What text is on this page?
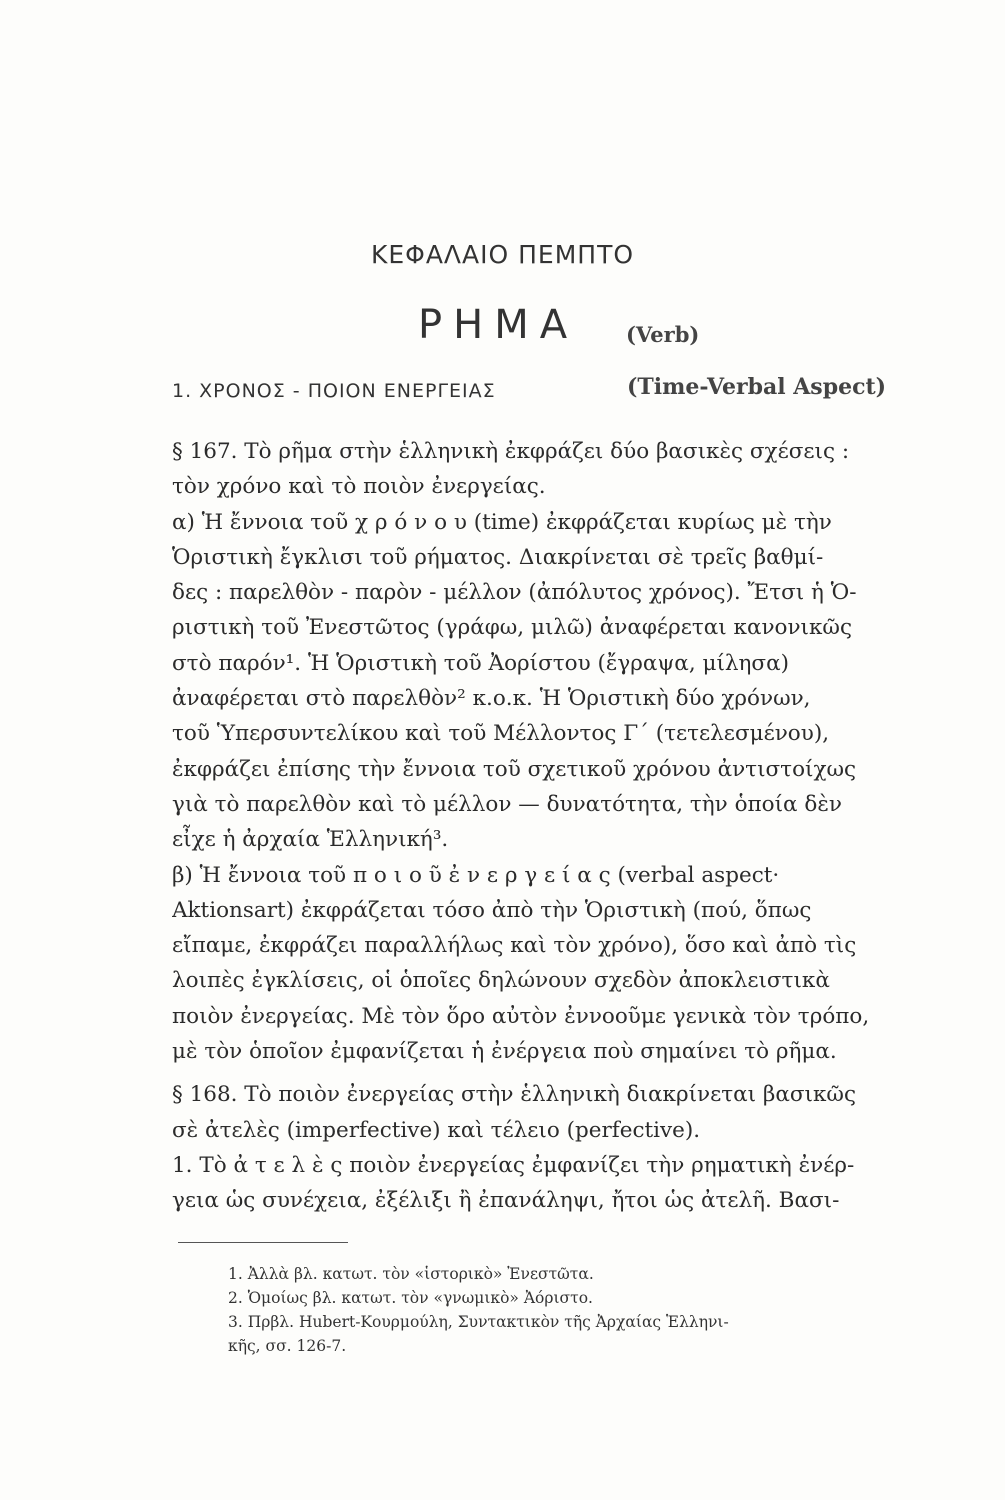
ΚΕΦΑΛΑΙΟ ΠΕΜΠΤΟ
ΡΗΜΑ (Verb)
1. ΧΡΟΝΟΣ - ΠΟΙΟΝ ΕΝΕΡΓΕΙΑΣ	(Time-Verbal Aspect)
§ 167. Τὸ ρῆμα στὴν ἑλληνικὴ ἐκφράζει δύο βασικὲς σχέσεις :
τὸν χρόνο καὶ τὸ ποιὸν ἐνεργείας.
α) Ἡ ἔννοια τοῦ χ ρ ό ν ο υ (time) ἐκφράζεται κυρίως μὲ τὴν
Ὁριστικὴ ἔγκλισι τοῦ ρήματος. Διακρίνεται σὲ τρεῖς βαθμί-
δες : παρελθὸν - παρὸν - μέλλον (ἀπόλυτος χρόνος). Ἔτσι ἡ Ὁ-
ριστικὴ τοῦ Ἐνεστῶτος (γράφω, μιλῶ) ἀναφέρεται κανονικῶς
στὸ παρόν¹. Ἡ Ὁριστικὴ τοῦ Ἀορίστου (ἔγραψα, μίλησα)
ἀναφέρεται στὸ παρελθὸν² κ.ο.κ. Ἡ Ὁριστικὴ δύο χρόνων,
τοῦ Ὑπερσυντελίκου καὶ τοῦ Μέλλοντος Γ΄ (τετελεσμένου),
ἐκφράζει ἐπίσης τὴν ἔννοια τοῦ σχετικοῦ χρόνου ἀντιστοίχως
γιὰ τὸ παρελθὸν καὶ τὸ μέλλον — δυνατότητα, τὴν ὁποία δὲν
εἶχε ἡ ἀρχαία Ἑλληνική³.
β) Ἡ ἔννοια τοῦ π ο ι ο ῦ ἐ ν ε ρ γ ε ί α ς (verbal aspect·
Aktionsart) ἐκφράζεται τόσο ἀπὸ τὴν Ὁριστικὴ (πού, ὅπως
εἴπαμε, ἐκφράζει παραλλήλως καὶ τὸν χρόνο), ὅσο καὶ ἀπὸ τὶς
λοιπὲς ἐγκλίσεις, οἱ ὁποῖες δηλώνουν σχεδὸν ἀποκλειστικὰ
ποιὸν ἐνεργείας. Μὲ τὸν ὅρο αὐτὸν ἐννοοῦμε γενικὰ τὸν τρόπο,
μὲ τὸν ὁποῖον ἐμφανίζεται ἡ ἐνέργεια ποὺ σημαίνει τὸ ρῆμα.
§ 168. Τὸ ποιὸν ἐνεργείας στὴν ἑλληνικὴ διακρίνεται βασικῶς
σὲ ἀτελὲς (imperfective) καὶ τέλειο (perfective).
1. Τὸ ἀ τ ε λ ὲ ς ποιὸν ἐνεργείας ἐμφανίζει τὴν ρηματικὴ ἐνέρ-
γεια ὡς συνέχεια, ἐξέλιξι ἢ ἐπανάληψι, ἤτοι ὡς ἀτελῆ. Βασι-
1. Ἀλλὰ βλ. κατωτ. τὸν «ἱστορικὸ» Ἐνεστῶτα.
2. Ὁμοίως βλ. κατωτ. τὸν «γνωμικὸ» Ἀόριστο.
3. Πρβλ. Hubert-Κουρμούλη, Συντακτικὸν τῆς Ἀρχαίας Ἑλληνι-
κῆς, σσ. 126-7.
